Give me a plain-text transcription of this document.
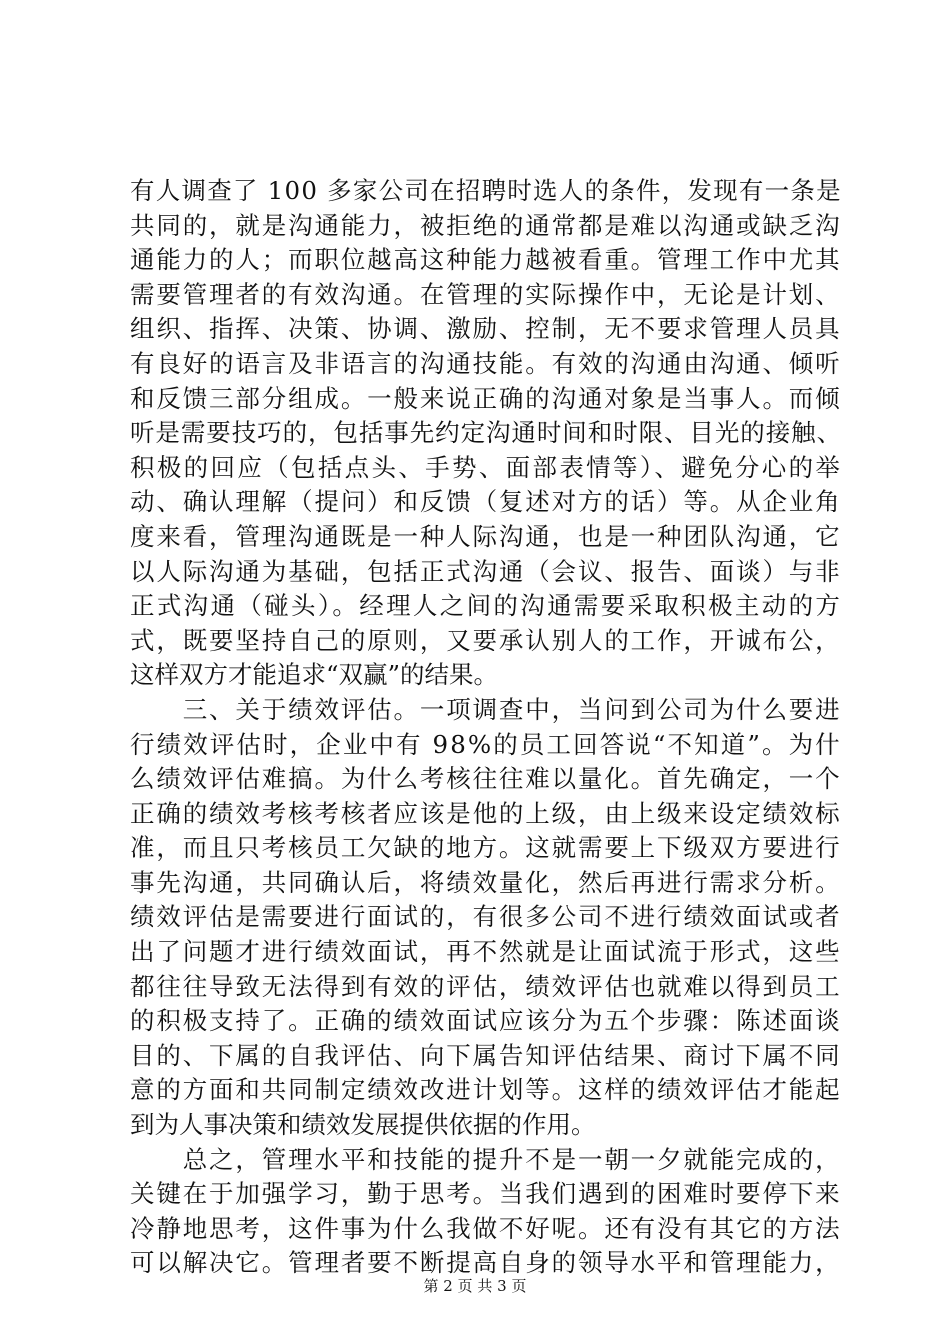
有人调查了 100 多家公司在招聘时选人的条件，发现有一条是
共同的，就是沟通能力，被拒绝的通常都是难以沟通或缺乏沟
通能力的人；而职位越高这种能力越被看重。管理工作中尤其
需要管理者的有效沟通。在管理的实际操作中，无论是计划、
组织、指挥、决策、协调、激励、控制，无不要求管理人员具
有良好的语言及非语言的沟通技能。有效的沟通由沟通、倾听
和反馈三部分组成。一般来说正确的沟通对象是当事人。而倾
听是需要技巧的，包括事先约定沟通时间和时限、目光的接触、
积极的回应（包括点头、手势、面部表情等）、避免分心的举
动、确认理解（提问）和反馈（复述对方的话）等。从企业角
度来看，管理沟通既是一种人际沟通，也是一种团队沟通，它
以人际沟通为基础，包括正式沟通（会议、报告、面谈）与非
正式沟通（碰头）。经理人之间的沟通需要采取积极主动的方
式，既要坚持自己的原则，又要承认别人的工作，开诚布公，
这样双方才能追求“双赢”的结果。
　　三、关于绩效评估。一项调查中，当问到公司为什么要进
行绩效评估时，企业中有 98%的员工回答说“不知道”。为什
么绩效评估难搞。为什么考核往往难以量化。首先确定，一个
正确的绩效考核考核者应该是他的上级，由上级来设定绩效标
准，而且只考核员工欠缺的地方。这就需要上下级双方要进行
事先沟通，共同确认后，将绩效量化，然后再进行需求分析。
绩效评估是需要进行面试的，有很多公司不进行绩效面试或者
出了问题才进行绩效面试，再不然就是让面试流于形式，这些
都往往导致无法得到有效的评估，绩效评估也就难以得到员工
的积极支持了。正确的绩效面试应该分为五个步骤：陈述面谈
目的、下属的自我评估、向下属告知评估结果、商讨下属不同
意的方面和共同制定绩效改进计划等。这样的绩效评估才能起
到为人事决策和绩效发展提供依据的作用。
　　总之，管理水平和技能的提升不是一朝一夕就能完成的，
关键在于加强学习，勤于思考。当我们遇到的困难时要停下来
冷静地思考，这件事为什么我做不好呢。还有没有其它的方法
可以解决它。管理者要不断提高自身的领导水平和管理能力，
第 2 页 共 3 页
